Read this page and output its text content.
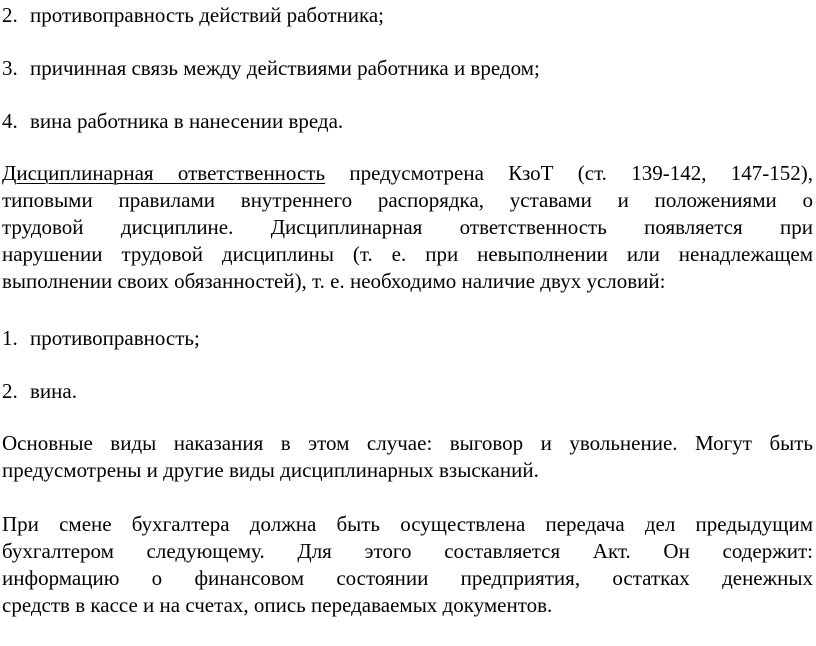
2. противоправность действий работника;
3. причинная связь между действиями работника и вредом;
4. вина работника в нанесении вреда.
Дисциплинарная ответственность предусмотрена КзоТ (ст. 139-142, 147-152),
типовыми правилами внутреннего распорядка, уставами и положениями о
трудовой дисциплине. Дисциплинарная ответственность появляется при
нарушении трудовой дисциплины (т. е. при невыполнении или ненадлежащем
выполнении своих обязанностей), т. е. необходимо наличие двух условий:
1. противоправность;
2. вина.
Основные виды наказания в этом случае: выговор и увольнение. Могут быть
предусмотрены и другие виды дисциплинарных взысканий.
При смене бухгалтера должна быть осуществлена передача дел предыдущим
бухгалтером следующему. Для этого составляется Акт. Он содержит:
информацию о финансовом состоянии предприятия, остатках денежных
средств в кассе и на счетах, опись передаваемых документов.
